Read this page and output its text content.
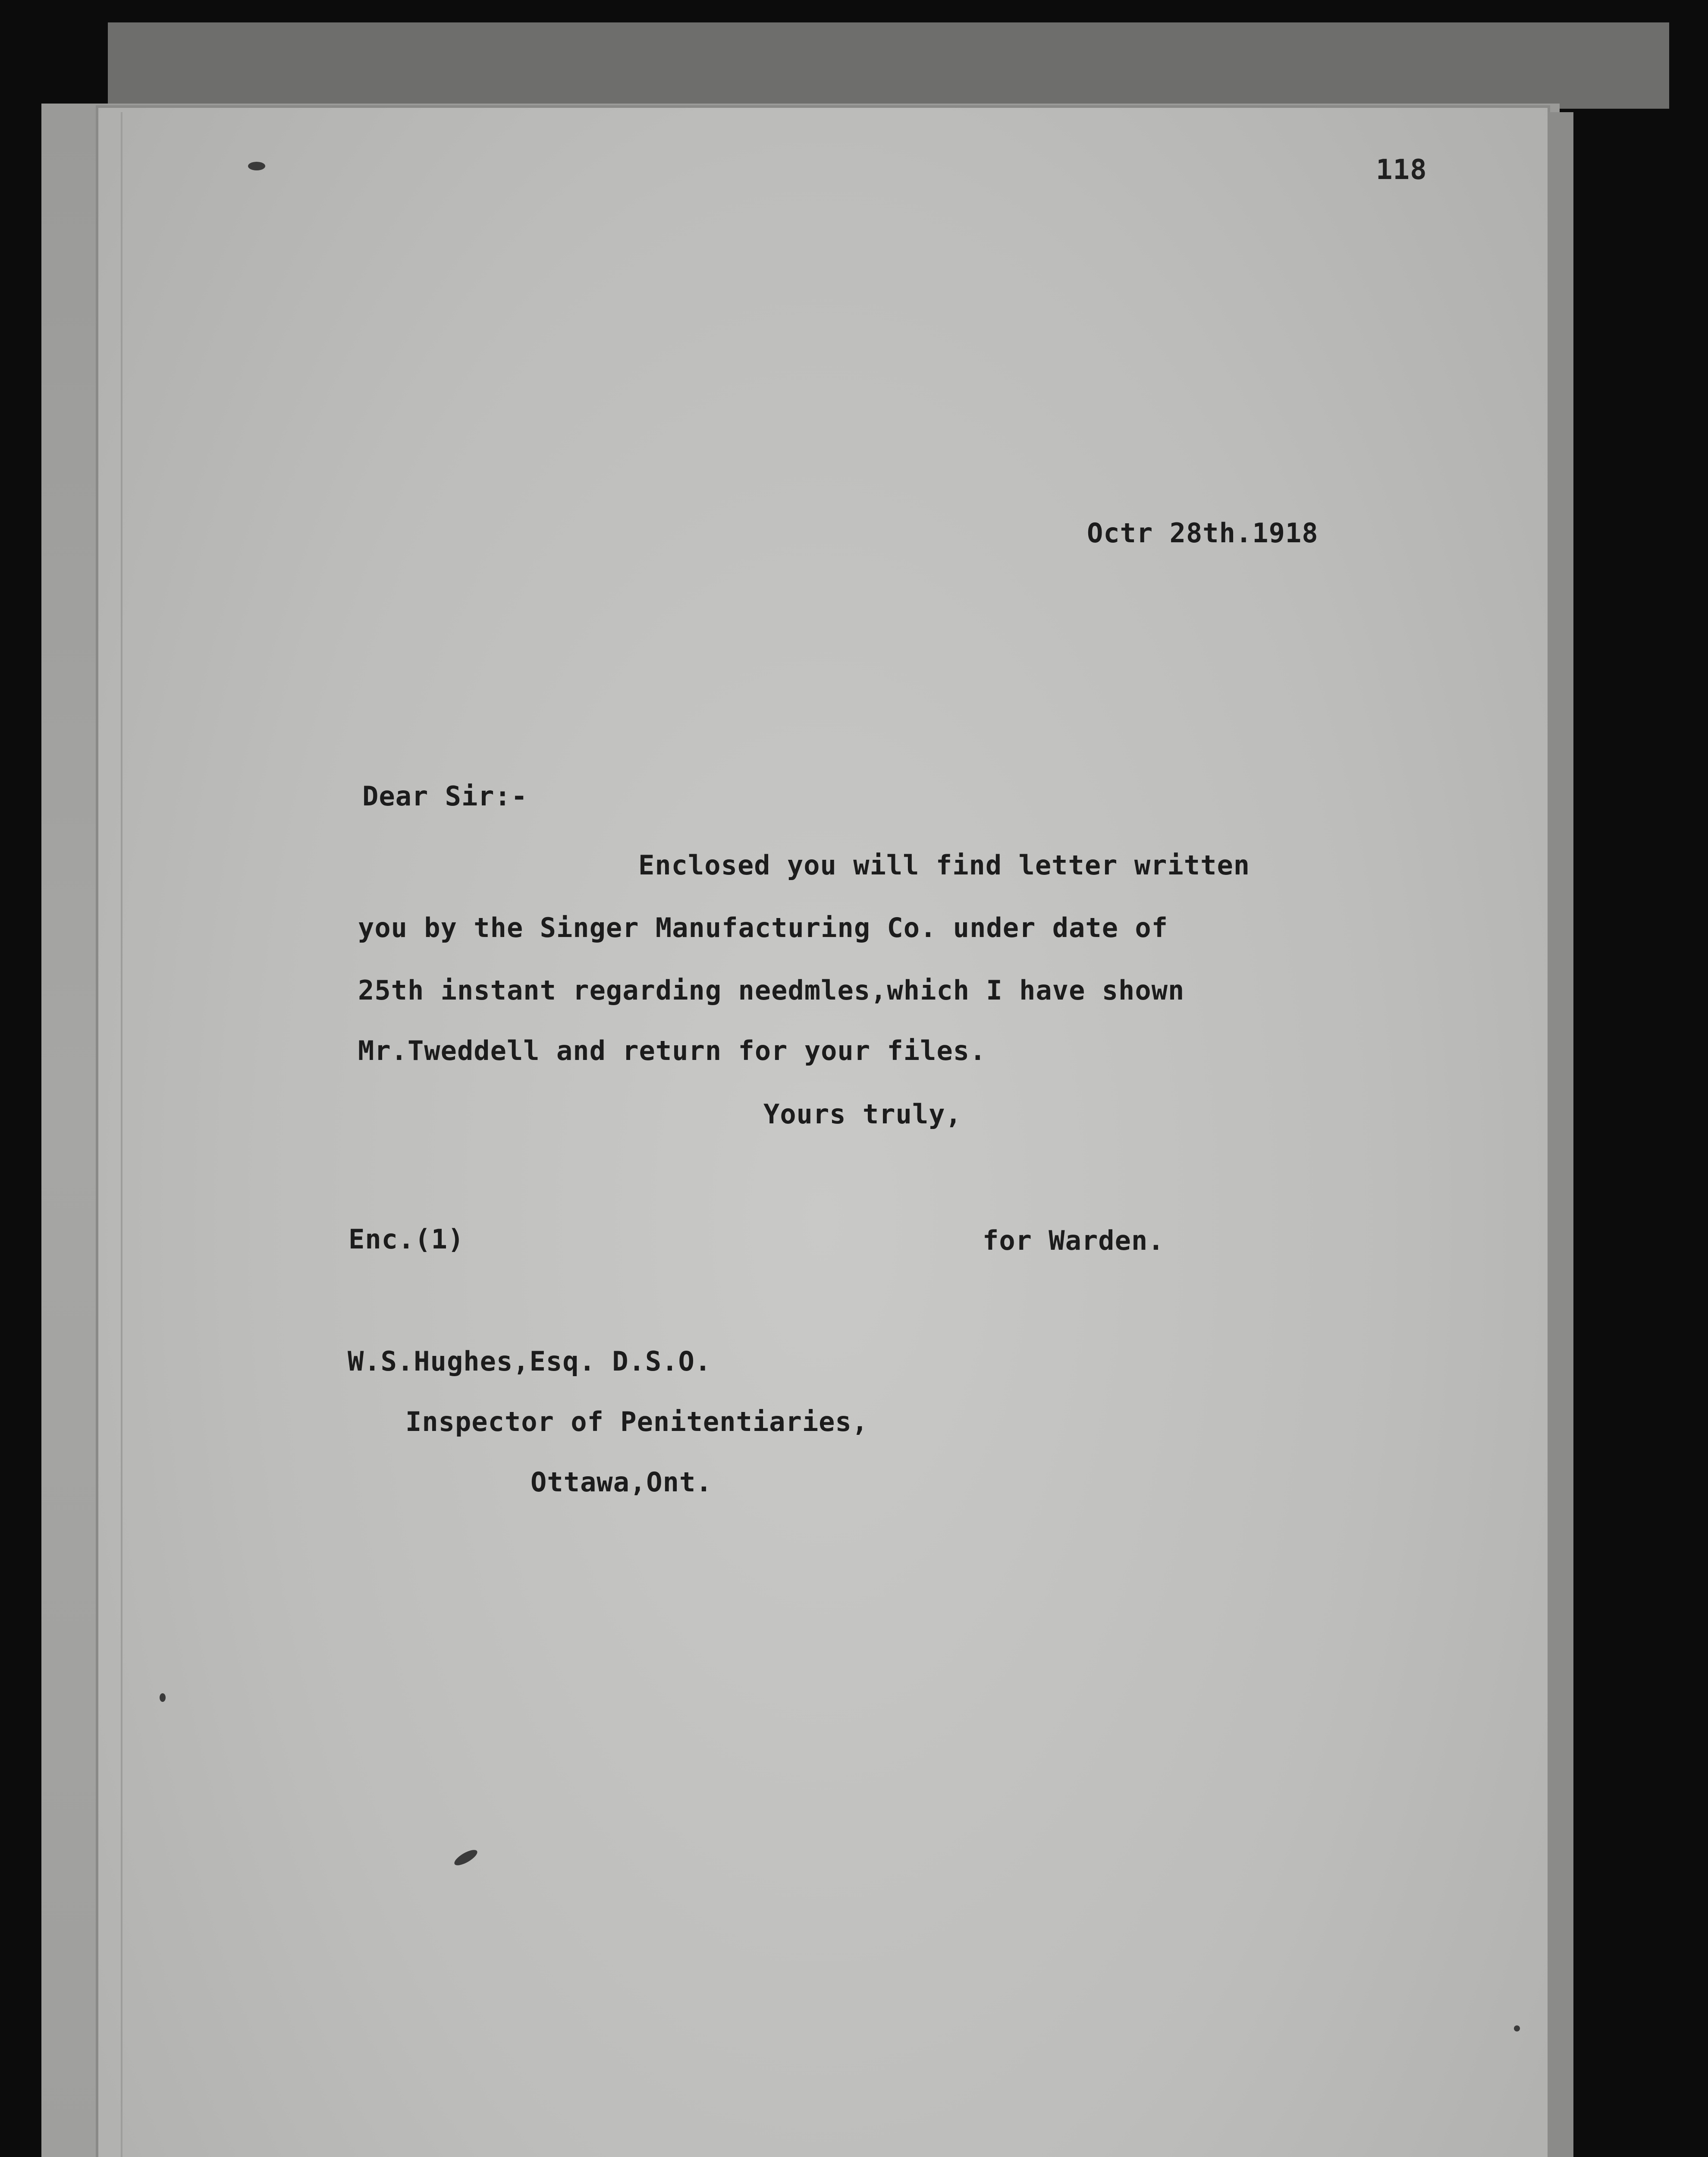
118
Octr 28th.1918
Dear Sir:-
Enclosed you will find letter written
you by the Singer Manufacturing Co. under date of
25th instant regarding needmles,which I have shown
Mr.Tweddell and return for your files.
Yours truly,
Enc.(1)	for Warden.
W.S.Hughes,Esq. D.S.O.
Inspector of Penitentiaries,
Ottawa,Ont.
